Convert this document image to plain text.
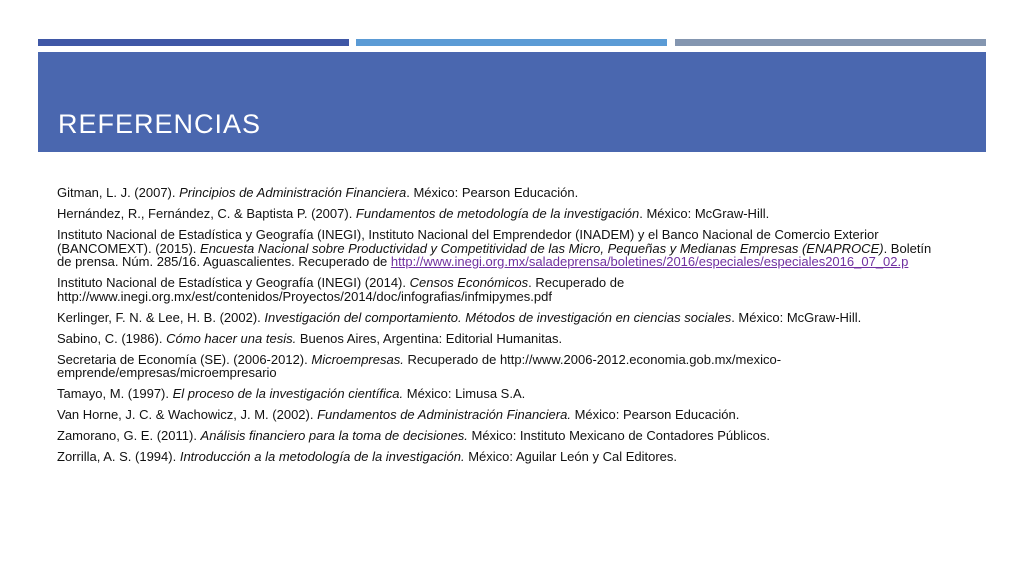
REFERENCIAS

Gitman, L. J. (2007). Principios de Administración Financiera. México: Pearson Educación.

Hernández, R., Fernández, C. & Baptista P. (2007). Fundamentos de metodología de la investigación. México: McGraw-Hill.

Instituto Nacional de Estadística y Geografía (INEGI), Instituto Nacional del Emprendedor (INADEM) y el Banco Nacional de Comercio Exterior (BANCOMEXT). (2015). Encuesta Nacional sobre Productividad y Competitividad de las Micro, Pequeñas y Medianas Empresas (ENAPROCE). Boletín de prensa. Núm. 285/16. Aguascalientes. Recuperado de http://www.inegi.org.mx/saladeprensa/boletines/2016/especiales/especiales2016_07_02.p

Instituto Nacional de Estadística y Geografía (INEGI) (2014). Censos Económicos. Recuperado de http://www.inegi.org.mx/est/contenidos/Proyectos/2014/doc/infografias/infmipymes.pdf

Kerlinger, F. N. & Lee, H. B. (2002). Investigación del comportamiento. Métodos de investigación en ciencias sociales. México: McGraw-Hill.

Sabino, C. (1986). Cómo hacer una tesis. Buenos Aires, Argentina: Editorial Humanitas.

Secretaria de Economía (SE). (2006-2012). Microempresas. Recuperado de http://www.2006-2012.economia.gob.mx/mexico-emprende/empresas/microempresario

Tamayo, M. (1997). El proceso de la investigación científica. México: Limusa S.A.

Van Horne, J. C. & Wachowicz, J. M. (2002). Fundamentos de Administración Financiera. México: Pearson Educación.

Zamorano, G. E. (2011). Análisis financiero para la toma de decisiones. México: Instituto Mexicano de Contadores Públicos.

Zorrilla, A. S. (1994). Introducción a la metodología de la investigación. México: Aguilar León y Cal Editores.
